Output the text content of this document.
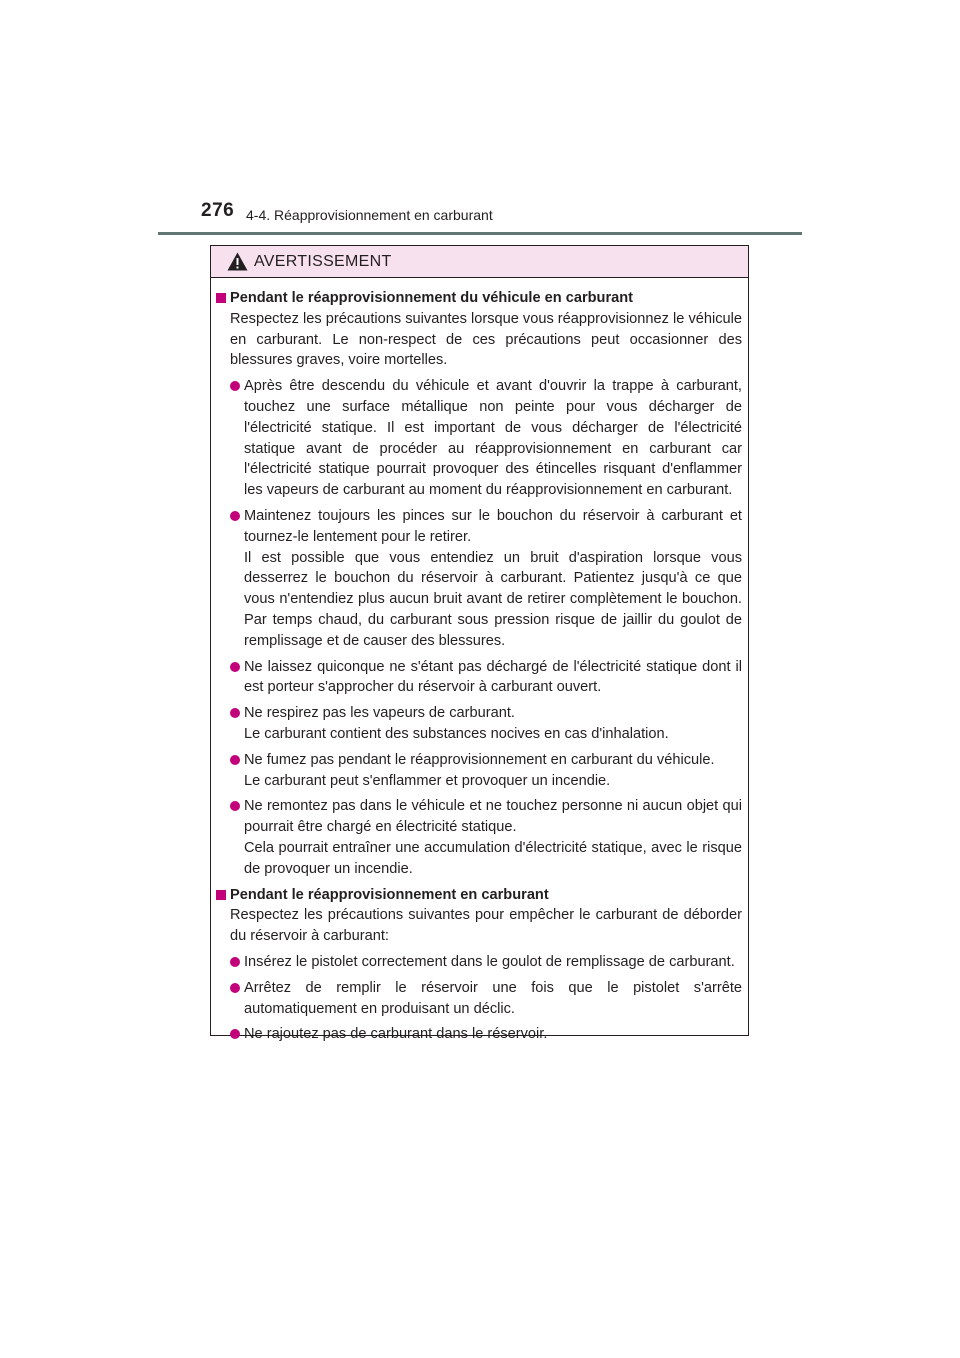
276 4-4. Réapprovisionnement en carburant
AVERTISSEMENT
Pendant le réapprovisionnement du véhicule en carburant
Respectez les précautions suivantes lorsque vous réapprovisionnez le véhicule en carburant. Le non-respect de ces précautions peut occasionner des blessures graves, voire mortelles.
Après être descendu du véhicule et avant d'ouvrir la trappe à carburant, touchez une surface métallique non peinte pour vous décharger de l'électricité statique. Il est important de vous décharger de l'électricité statique avant de procéder au réapprovisionnement en carburant car l'électricité statique pourrait provoquer des étincelles risquant d'enflammer les vapeurs de carburant au moment du réapprovisionnement en carburant.
Maintenez toujours les pinces sur le bouchon du réservoir à carburant et tournez-le lentement pour le retirer.
Il est possible que vous entendiez un bruit d'aspiration lorsque vous desserrez le bouchon du réservoir à carburant. Patientez jusqu'à ce que vous n'entendiez plus aucun bruit avant de retirer complètement le bouchon. Par temps chaud, du carburant sous pression risque de jaillir du goulot de remplissage et de causer des blessures.
Ne laissez quiconque ne s'étant pas déchargé de l'électricité statique dont il est porteur s'approcher du réservoir à carburant ouvert.
Ne respirez pas les vapeurs de carburant.
Le carburant contient des substances nocives en cas d'inhalation.
Ne fumez pas pendant le réapprovisionnement en carburant du véhicule.
Le carburant peut s'enflammer et provoquer un incendie.
Ne remontez pas dans le véhicule et ne touchez personne ni aucun objet qui pourrait être chargé en électricité statique.
Cela pourrait entraîner une accumulation d'électricité statique, avec le risque de provoquer un incendie.
Pendant le réapprovisionnement en carburant
Respectez les précautions suivantes pour empêcher le carburant de déborder du réservoir à carburant:
Insérez le pistolet correctement dans le goulot de remplissage de carburant.
Arrêtez de remplir le réservoir une fois que le pistolet s'arrête automatiquement en produisant un déclic.
Ne rajoutez pas de carburant dans le réservoir.
